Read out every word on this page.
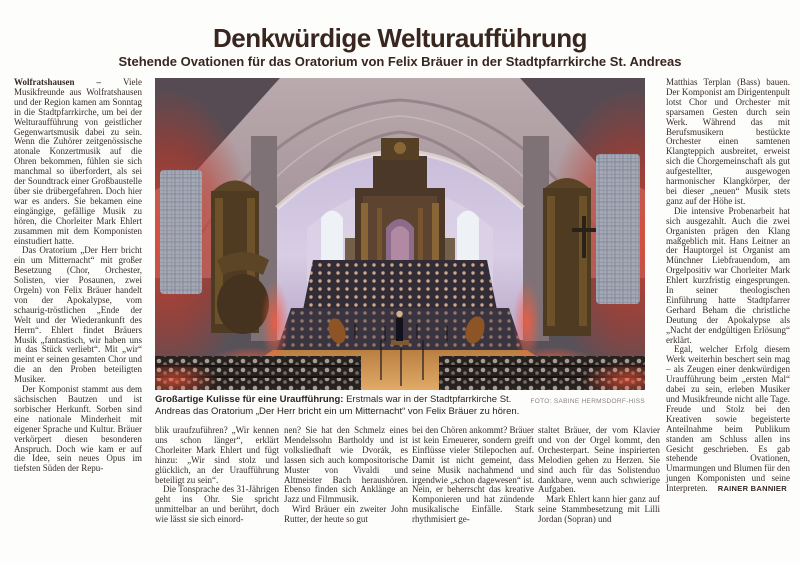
Denkwürdige Welturaufführung
Stehende Ovationen für das Oratorium von Felix Bräuer in der Stadtpfarrkirche St. Andreas

Wolfratshausen – Viele Musikfreunde aus Wolfratshausen und der Region kamen am Sonntag in die Stadtpfarrkirche, um bei der Welturaufführung von geistlicher Gegenwartsmusik dabei zu sein. Wenn die Zuhörer zeitgenössische atonale Konzertmusik auf die Ohren bekommen, fühlen sie sich manchmal so überfordert, als sei der Soundtrack einer Großbaustelle über sie drübergefahren. Doch hier war es anders. Sie bekamen eine eingängige, gefällige Musik zu hören, die Chorleiter Mark Ehlert zusammen mit dem Komponisten einstudiert hatte.

Das Oratorium „Der Herr bricht ein um Mitternacht“ mit großer Besetzung (Chor, Orchester, Solisten, vier Posaunen, zwei Orgeln) von Felix Bräuer handelt von der Apokalypse, vom schaurig-tröstlichen „Ende der Welt und der Wiederankunft des Herrn“. Ehlert findet Bräuers Musik „fantastisch, wir haben uns in das Stück verliebt“. Mit „wir“ meint er seinen gesamten Chor und die an den Proben beteiligten Musiker.

Der Komponist stammt aus dem sächsischen Bautzen und ist sorbischer Herkunft. Sorben sind eine nationale Minderheit mit eigener Sprache und Kultur. Bräuer verkörpert diesen besonderen Anspruch. Doch wie kam er auf die Idee, sein neues Opus im tiefsten Süden der Repu-

FOTO: SABINE HERMSDORF-HISS
Großartige Kulisse für eine Uraufführung: Erstmals war in der Stadtpfarrkirche St. Andreas das Oratorium „Der Herr bricht ein um Mitternacht“ von Felix Bräuer zu hören.

blik uraufzuführen? „Wir kennen uns schon länger“, erklärt Chorleiter Mark Ehlert und fügt hinzu: „Wir sind stolz und glücklich, an der Uraufführung beteiligt zu sein“.

Die Tonsprache des 31-Jährigen geht ins Ohr. Sie spricht unmittelbar an und berührt, doch wie lässt sie sich einord-

nen? Sie hat den Schmelz eines Mendelssohn Bartholdy und ist volksliedhaft wie Dvorák, es lassen sich auch kompositorische Muster von Vivaldi und Altmeister Bach heraushören. Ebenso finden sich Anklänge an Jazz und Filmmusik.

Wird Bräuer ein zweiter John Rutter, der heute so gut

bei den Chören ankommt? Bräuer ist kein Erneuerer, sondern greift Einflüsse vieler Stilepochen auf. Damit ist nicht gemeint, dass seine Musik nachahmend und irgendwie „schon dagewesen“ ist. Nein, er beherrscht das kreative Komponieren und hat zündende musikalische Einfälle. Stark rhythmisiert ge-

staltet Bräuer, der vom Klavier und von der Orgel kommt, den Orchesterpart. Seine inspirierten Melodien gehen zu Herzen. Sie sind auch für das Solistenduo dankbare, wenn auch schwierige Aufgaben.

Mark Ehlert kann hier ganz auf seine Stammbesetzung mit Lilli Jordan (Sopran) und

Matthias Terplan (Bass) bauen. Der Komponist am Dirigentenpult lotst Chor und Orchester mit sparsamen Gesten durch sein Werk. Während das mit Berufsmusikern bestückte Orchester einen samtenen Klangteppich ausbreitet, erweist sich die Chorgemeinschaft als gut aufgestellter, ausgewogen harmonischer Klangkörper, der bei dieser „neuen“ Musik stets ganz auf der Höhe ist.

Die intensive Probenarbeit hat sich ausgezahlt. Auch die zwei Organisten prägen den Klang maßgeblich mit. Hans Leitner an der Hauptorgel ist Organist am Münchner Liebfrauendom, am Orgelpositiv war Chorleiter Mark Ehlert kurzfristig eingesprungen. In seiner theologischen Einführung hatte Stadtpfarrer Gerhard Beham die christliche Deutung der Apokalypse als „Nacht der endgültigen Erlösung“ erklärt.

Egal, welcher Erfolg diesem Werk weiterhin beschert sein mag – als Zeugen einer denkwürdigen Uraufführung beim „ersten Mal“ dabei zu sein, erleben Musiker und Musikfreunde nicht alle Tage. Freude und Stolz bei den Kreativen sowie begeisterte Anteilnahme beim Publikum standen am Schluss allen ins Gesicht geschrieben. Es gab stehende Ovationen, Umarmungen und Blumen für den jungen Komponisten und seine Interpreten. RAINER BANNIER
